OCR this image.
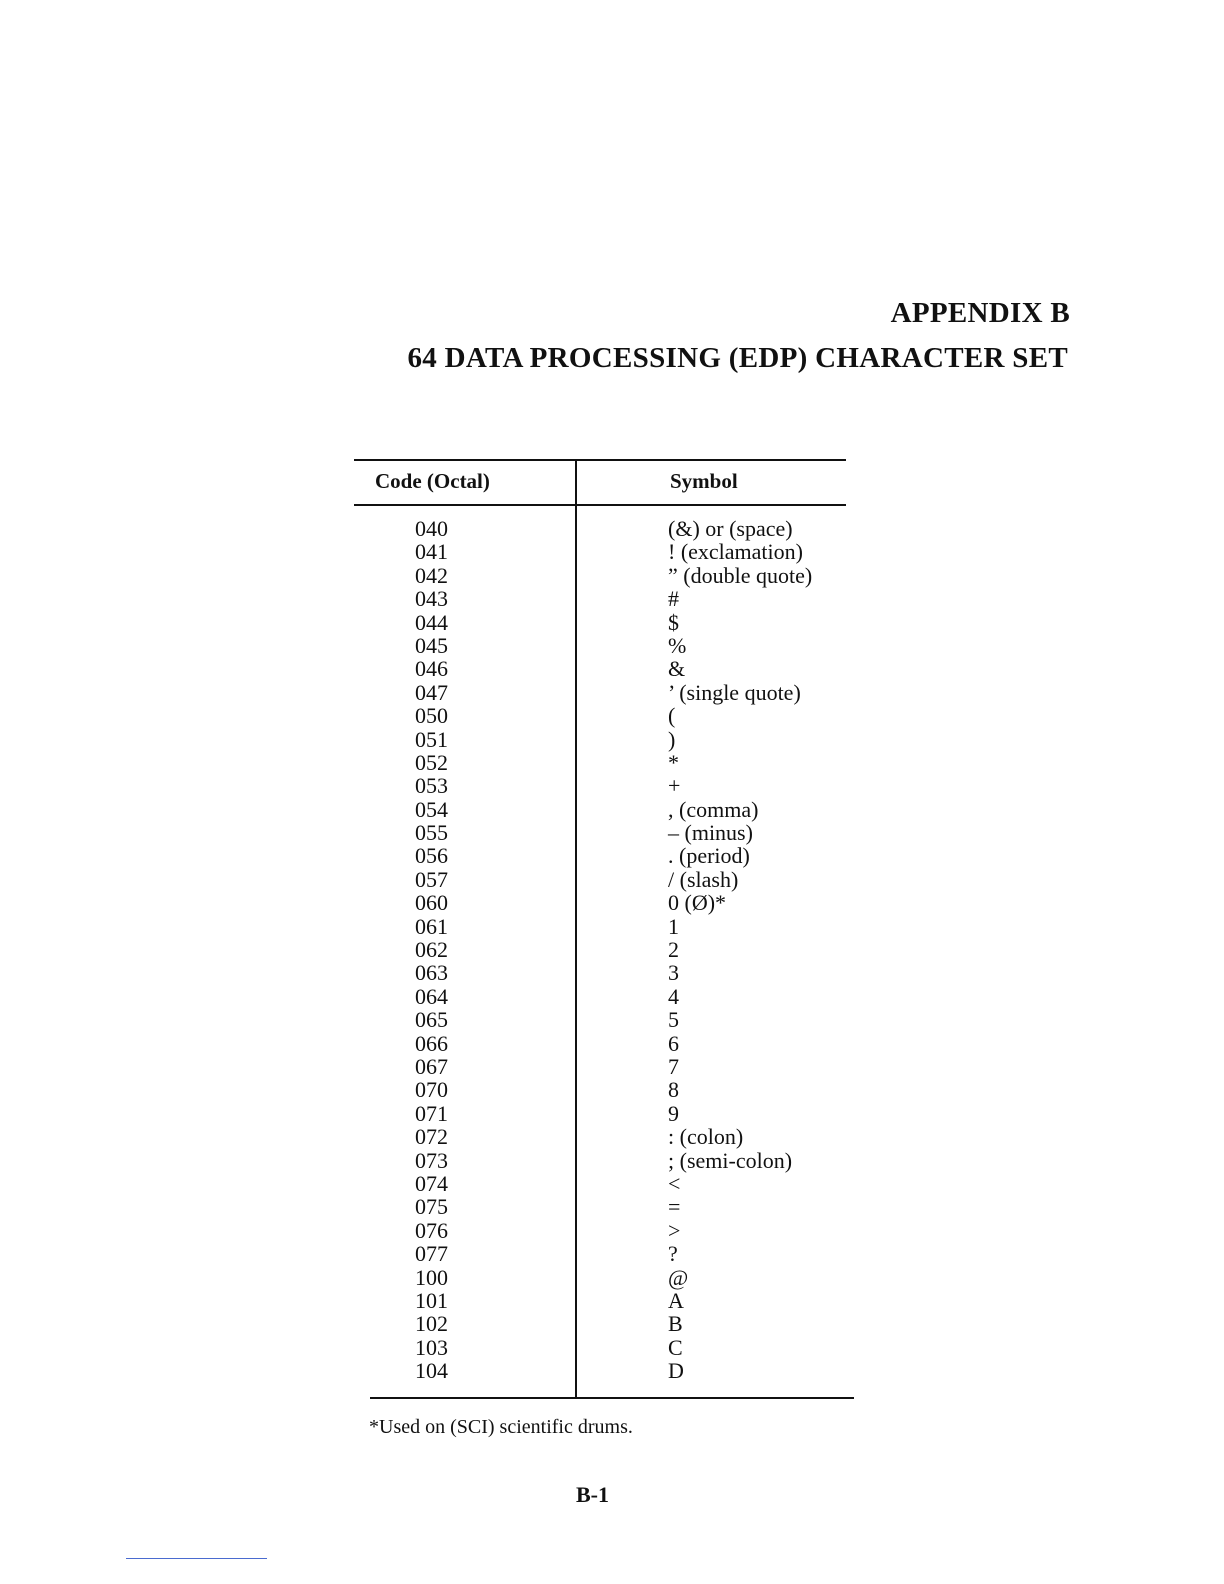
APPENDIX B
64 DATA PROCESSING (EDP) CHARACTER SET
Code (Octal)	Symbol
040	(&) or (space)
041	! (exclamation)
042	” (double quote)
043	#
044	$
045	%
046	&
047	’ (single quote)
050	(
051	)
052	*
053	+
054	, (comma)
055	– (minus)
056	. (period)
057	/ (slash)
060	0 (Ø)*
061	1
062	2
063	3
064	4
065	5
066	6
067	7
070	8
071	9
072	: (colon)
073	; (semi-colon)
074	<
075	=
076	>
077	?
100	@
101	A
102	B
103	C
104	D
*Used on (SCI) scientific drums.
B-1
